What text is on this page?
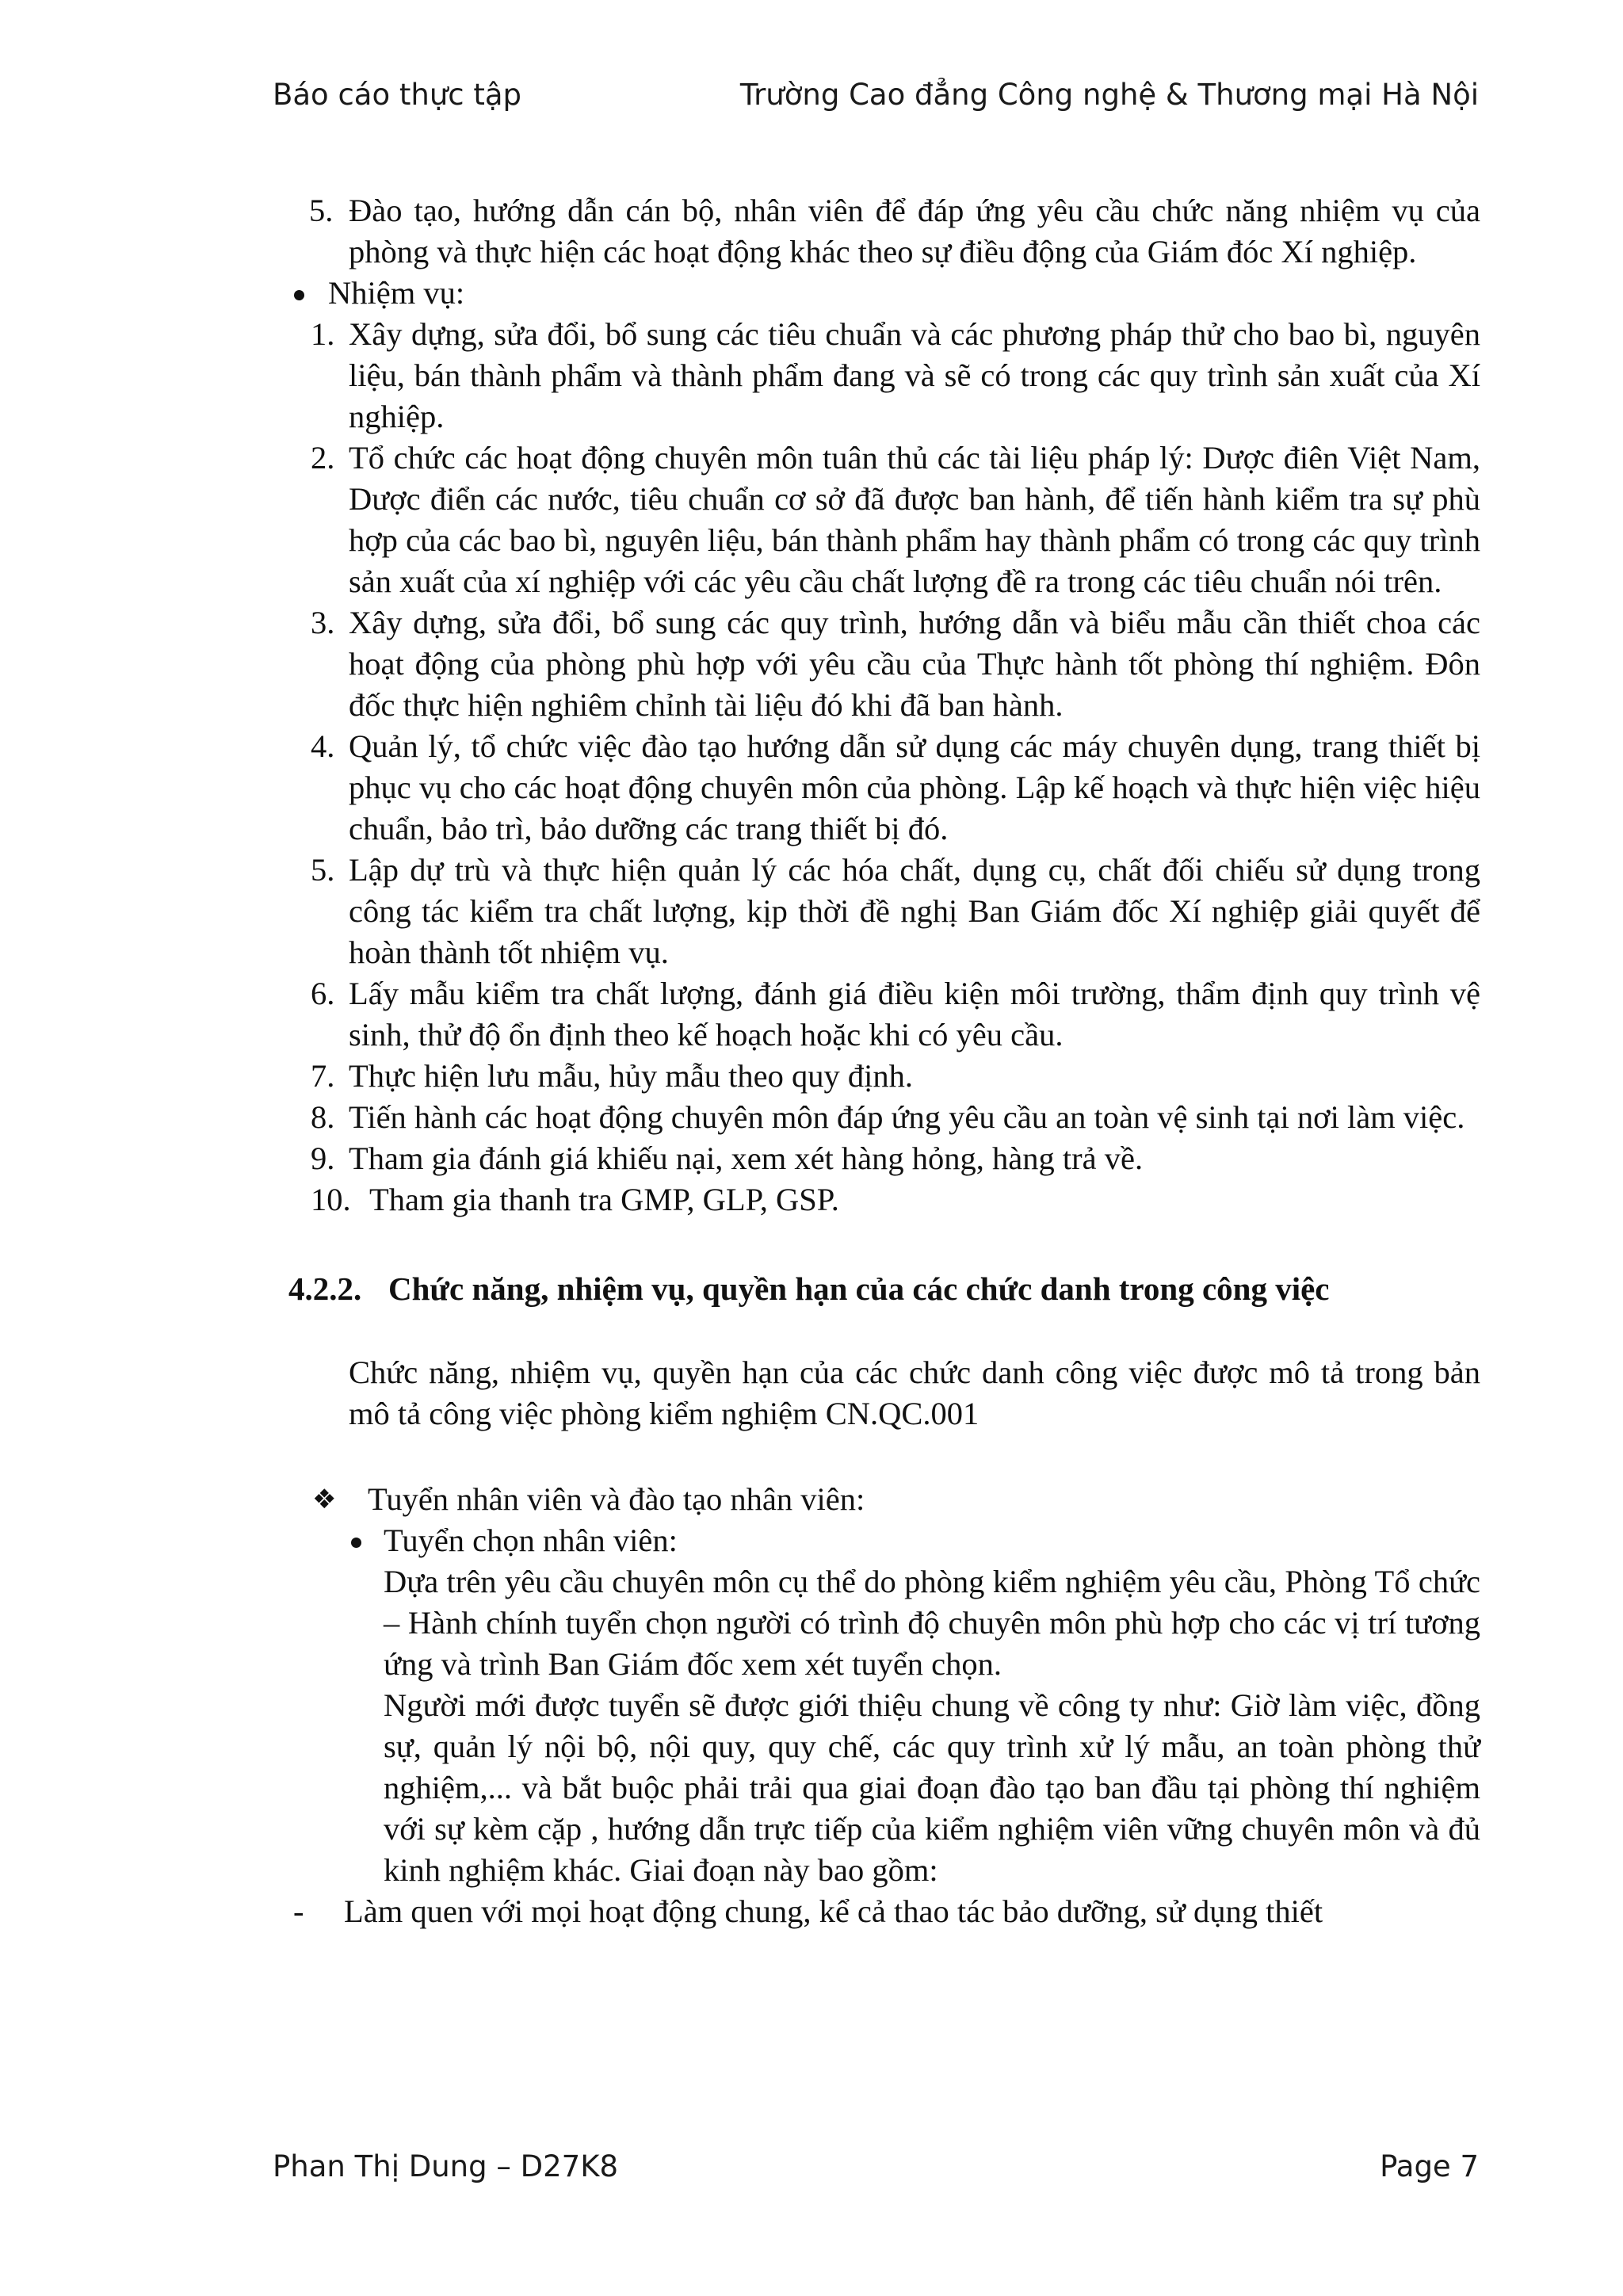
Báo cáo thực tập	Trường Cao đẳng Công nghệ & Thương mại Hà Nội
5. Đào tạo, hướng dẫn cán bộ, nhân viên để đáp ứng yêu cầu chức năng nhiệm vụ của phòng và thực hiện các hoạt động khác theo sự điều động của Giám đóc Xí nghiệp.
Nhiệm vụ:
1. Xây dựng, sửa đổi, bổ sung các tiêu chuẩn và các phương pháp thử cho bao bì, nguyên liệu, bán thành phẩm và thành phẩm đang và sẽ có trong các quy trình sản xuất của Xí nghiệp.
2. Tổ chức các hoạt động chuyên môn tuân thủ các tài liệu pháp lý: Dược điên Việt Nam, Dược điển các nước, tiêu chuẩn cơ sở đã được ban hành, để tiến hành kiểm tra sự phù hợp của các bao bì, nguyên liệu, bán thành phẩm hay thành phẩm có trong các quy trình sản xuất của xí nghiệp với các yêu cầu chất lượng đề ra trong các tiêu chuẩn nói trên.
3. Xây dựng, sửa đổi, bổ sung các quy trình, hướng dẫn và biểu mẫu cần thiết choa các hoạt động của phòng phù hợp với yêu cầu của Thực hành tốt phòng thí nghiệm. Đôn đốc thực hiện nghiêm chỉnh tài liệu đó khi đã ban hành.
4. Quản lý, tổ chức việc đào tạo hướng dẫn sử dụng các máy chuyên dụng, trang thiết bị phục vụ cho các hoạt động chuyên môn của phòng. Lập kế hoạch và thực hiện việc hiệu chuẩn, bảo trì, bảo dưỡng các trang thiết bị đó.
5. Lập dự trù và thực hiện quản lý các hóa chất, dụng cụ, chất đối chiếu sử dụng trong công tác kiểm tra chất lượng, kịp thời đề nghị Ban Giám đốc Xí nghiệp giải quyết để hoàn thành tốt nhiệm vụ.
6. Lấy mẫu kiểm tra chất lượng, đánh giá điều kiện môi trường, thẩm định quy trình vệ sinh, thử độ ổn định theo kế hoạch hoặc khi có yêu cầu.
7. Thực hiện lưu mẫu, hủy mẫu theo quy định.
8. Tiến hành các hoạt động chuyên môn đáp ứng yêu cầu an toàn vệ sinh tại nơi làm việc.
9. Tham gia đánh giá khiếu nại, xem xét hàng hỏng, hàng trả về.
10. Tham gia thanh tra GMP, GLP, GSP.
4.2.2. Chức năng, nhiệm vụ, quyền hạn của các chức danh trong công việc
Chức năng, nhiệm vụ, quyền hạn của các chức danh công việc được mô tả trong bản mô tả công việc phòng kiểm nghiệm CN.QC.001
❖ Tuyển nhân viên và đào tạo nhân viên:
Tuyển chọn nhân viên:
Dựa trên yêu cầu chuyên môn cụ thể do phòng kiểm nghiệm yêu cầu, Phòng Tổ chức – Hành chính tuyển chọn người có trình độ chuyên môn phù hợp cho các vị trí tương ứng và trình Ban Giám đốc xem xét tuyển chọn.
Người mới được tuyển sẽ được giới thiệu chung về công ty như: Giờ làm việc, đồng sự, quản lý nội bộ, nội quy, quy chế, các quy trình xử lý mẫu, an toàn phòng thử nghiệm,... và bắt buộc phải trải qua giai đoạn đào tạo ban đầu tại phòng thí nghiệm với sự kèm cặp , hướng dẫn trực tiếp của kiểm nghiệm viên vững chuyên môn và đủ kinh nghiệm khác. Giai đoạn này bao gồm:
- Làm quen với mọi hoạt động chung, kể cả thao tác bảo dưỡng, sử dụng thiết
Phan Thị Dung – D27K8	Page 7
